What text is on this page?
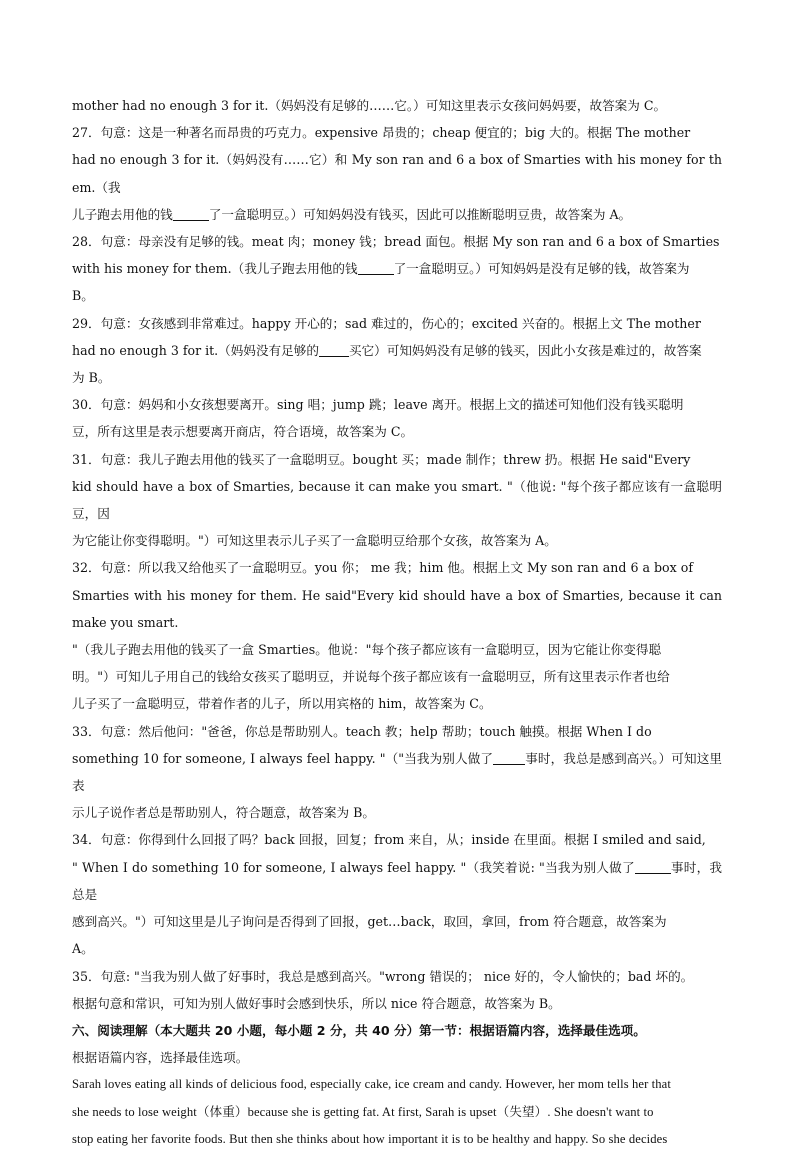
mother had no enough 3 for it.（妈妈没有足够的……它。）可知这里表示女孩问妈妈要，故答案为 C。

27．句意：这是一种著名而昂贵的巧克力。expensive 昂贵的；cheap 便宜的；big 大的。根据 The mother
had no enough 3 for it.（妈妈没有……它）和 My son ran and 6 a box of Smarties with his money for them.（我
儿子跑去用他的钱	了一盒聪明豆。）可知妈妈没有钱买，因此可以推断聪明豆贵，故答案为 A。

28．句意：母亲没有足够的钱。meat 肉；money 钱；bread 面包。根据 My son ran and 6 a box of Smarties
with his money for them.（我儿子跑去用他的钱	了一盒聪明豆。）可知妈妈是没有足够的钱，故答案为
B。

29．句意：女孩感到非常难过。happy 开心的；sad 难过的，伤心的；excited 兴奋的。根据上文 The mother
had no enough 3 for it.（妈妈没有足够的 买它）可知妈妈没有足够的钱买，因此小女孩是难过的，故答案
为 B。

30．句意：妈妈和小女孩想要离开。sing 唱；jump 跳；leave 离开。根据上文的描述可知他们没有钱买聪明
豆，所有这里是表示想要离开商店，符合语境，故答案为 C。

31．句意：我儿子跑去用他的钱买了一盒聪明豆。bought 买；made 制作；threw 扔。根据 He said"Every
kid should have a box of Smarties, because it can make you smart. "（他说: "每个孩子都应该有一盒聪明豆，因
为它能让你变得聪明。"）可知这里表示儿子买了一盒聪明豆给那个女孩，故答案为 A。

32．句意：所以我又给他买了一盒聪明豆。you 你； me 我；him 他。根据上文 My son ran and 6 a box of
Smarties with his money for them. He said"Every kid should have a box of Smarties, because it can make you smart.
"（我儿子跑去用他的钱买了一盒 Smarties。他说："每个孩子都应该有一盒聪明豆，因为它能让你变得聪
明。"）可知儿子用自己的钱给女孩买了聪明豆，并说每个孩子都应该有一盒聪明豆，所有这里表示作者也给
儿子买了一盒聪明豆，带着作者的儿子，所以用宾格的 him，故答案为 C。

33．句意：然后他问："爸爸，你总是帮助别人。teach 教；help 帮助；touch 触摸。根据 When I do
something 10 for someone, I always feel happy. "（"当我为别人做了	事时，我总是感到高兴。）可知这里表
示儿子说作者总是帮助别人，符合题意，故答案为 B。

34．句意：你得到什么回报了吗？back 回报，回复；from 来自，从；inside 在里面。根据 I smiled and said,
" When I do something 10 for someone, I always feel happy. "（我笑着说: "当我为别人做了	事时，我总是
感到高兴。"）可知这里是儿子询问是否得到了回报，get…back，取回，拿回，from 符合题意，故答案为
A。

35．句意: "当我为别人做了好事时，我总是感到高兴。"wrong 错误的； nice 好的，令人愉快的；bad 坏的。
根据句意和常识，可知为别人做好事时会感到快乐，所以 nice 符合题意，故答案为 B。

六、阅读理解（本大题共 20 小题，每小题 2 分，共 40 分）第一节：根据语篇内容，选择最佳选项。

根据语篇内容，选择最佳选项。

Sarah loves eating all kinds of delicious food, especially cake, ice cream and candy. However, her mom tells her that
she needs to lose weight（体重）because she is getting fat. At first, Sarah is upset（失望）. She doesn't want to
stop eating her favorite foods. But then she thinks about how important it is to be healthy and happy. So she decides
